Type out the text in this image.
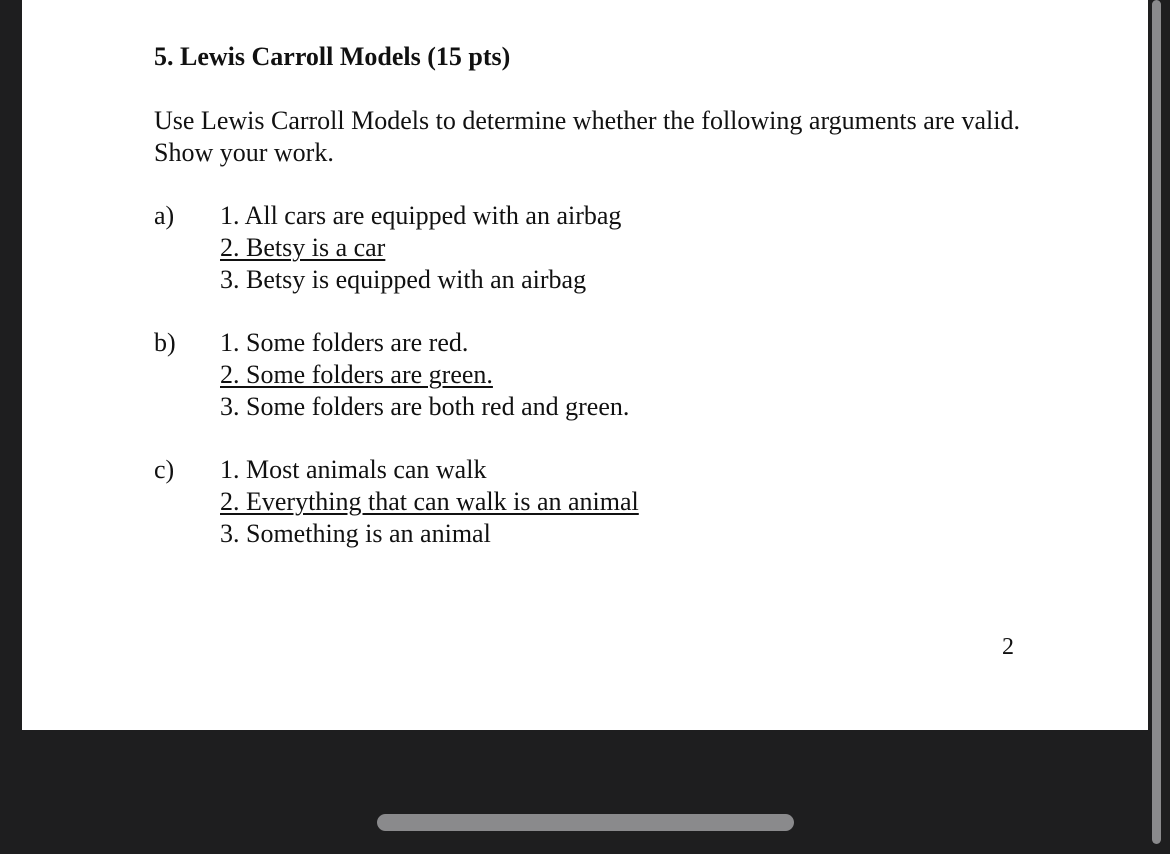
5. Lewis Carroll Models (15 pts)
Use Lewis Carroll Models to determine whether the following arguments are valid. Show your work.
a) 1. All cars are equipped with an airbag
2. Betsy is a car
3. Betsy is equipped with an airbag
b) 1. Some folders are red.
2. Some folders are green.
3. Some folders are both red and green.
c) 1. Most animals can walk
2. Everything that can walk is an animal
3. Something is an animal
2
